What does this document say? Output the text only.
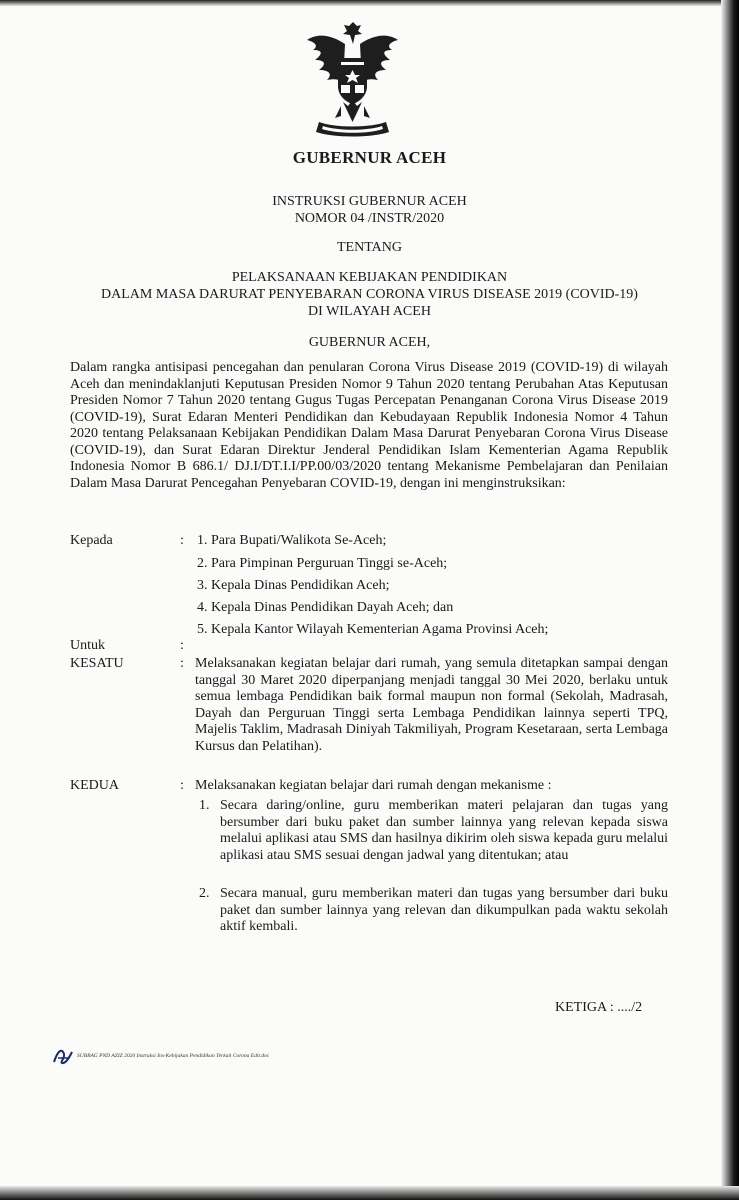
GUBERNUR ACEH
INSTRUKSI GUBERNUR ACEH
NOMOR 04 /INSTR/2020
TENTANG
PELAKSANAAN KEBIJAKAN PENDIDIKAN
DALAM MASA DARURAT PENYEBARAN CORONA VIRUS DISEASE 2019 (COVID-19)
DI WILAYAH ACEH
GUBERNUR ACEH,
Dalam rangka antisipasi pencegahan dan penularan Corona Virus Disease 2019 (COVID-19) di wilayah Aceh dan menindaklanjuti Keputusan Presiden Nomor 9 Tahun 2020 tentang Perubahan Atas Keputusan Presiden Nomor 7 Tahun 2020 tentang Gugus Tugas Percepatan Penanganan Corona Virus Disease 2019 (COVID-19), Surat Edaran Menteri Pendidikan dan Kebudayaan Republik Indonesia Nomor 4 Tahun 2020 tentang Pelaksanaan Kebijakan Pendidikan Dalam Masa Darurat Penyebaran Corona Virus Disease (COVID-19), dan Surat Edaran Direktur Jenderal Pendidikan Islam Kementerian Agama Republik Indonesia Nomor B 686.1/ DJ.I/DT.I.I/PP.00/03/2020 tentang Mekanisme Pembelajaran dan Penilaian Dalam Masa Darurat Pencegahan Penyebaran COVID-19, dengan ini menginstruksikan:
Kepada	: 1. Para Bupati/Walikota Se-Aceh;
2. Para Pimpinan Perguruan Tinggi se-Aceh;
3. Kepala Dinas Pendidikan Aceh;
4. Kepala Dinas Pendidikan Dayah Aceh; dan
5. Kepala Kantor Wilayah Kementerian Agama Provinsi Aceh;
Untuk	:
KESATU	: Melaksanakan kegiatan belajar dari rumah, yang semula ditetapkan sampai dengan tanggal 30 Maret 2020 diperpanjang menjadi tanggal 30 Mei 2020, berlaku untuk semua lembaga Pendidikan baik formal maupun non formal (Sekolah, Madrasah, Dayah dan Perguruan Tinggi serta Lembaga Pendidikan lainnya seperti TPQ, Majelis Taklim, Madrasah Diniyah Takmiliyah, Program Kesetaraan, serta Lembaga Kursus dan Pelatihan).
KEDUA	: Melaksanakan kegiatan belajar dari rumah dengan mekanisme :
1. Secara daring/online, guru memberikan materi pelajaran dan tugas yang bersumber dari buku paket dan sumber lainnya yang relevan kepada siswa melalui aplikasi atau SMS dan hasilnya dikirim oleh siswa kepada guru melalui aplikasi atau SMS sesuai dengan jadwal yang ditentukan; atau
2. Secara manual, guru memberikan materi dan tugas yang bersumber dari buku paket dan sumber lainnya yang relevan dan dikumpulkan pada waktu sekolah aktif kembali.
KETIGA : ..../2
SUBBAG PND AZIZ 2020 Instruksi Ins-Kebijakan Pendidikan Terkait Corona Edit.doc
